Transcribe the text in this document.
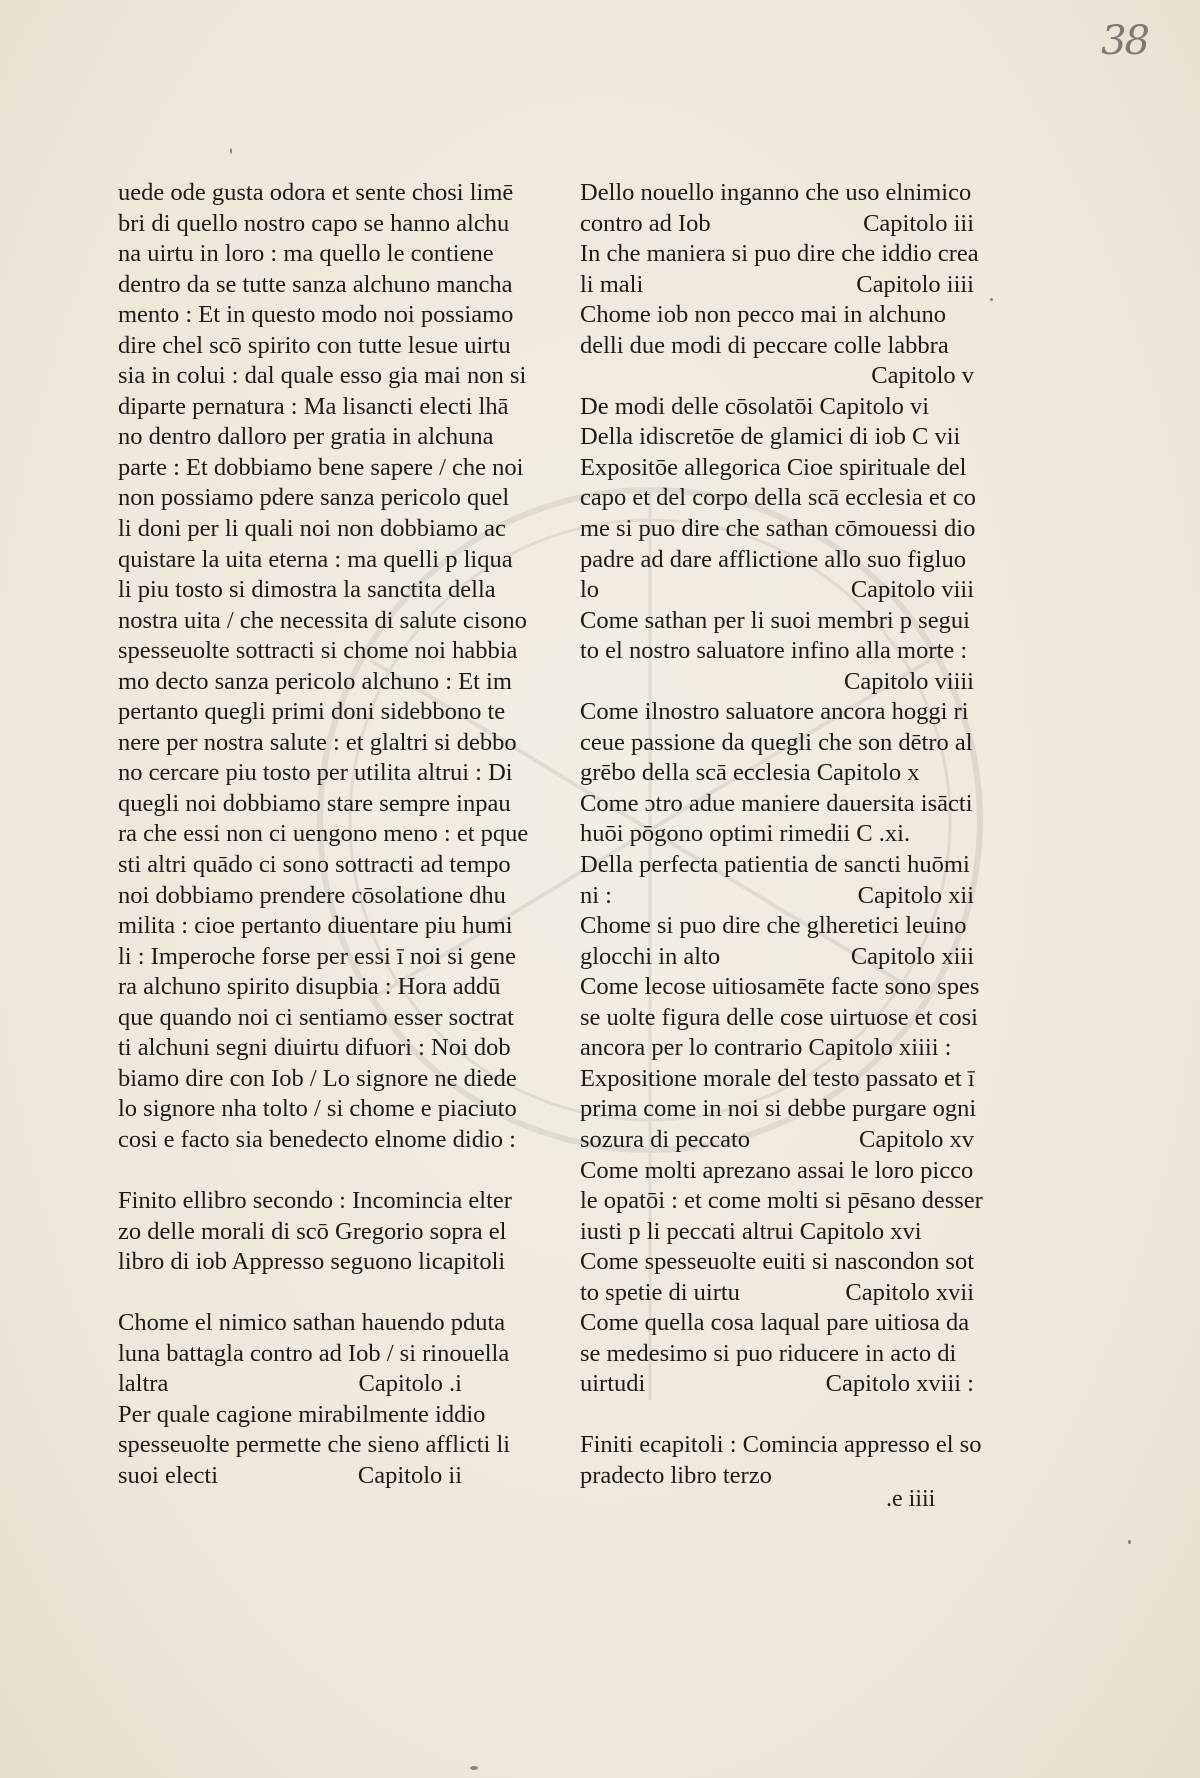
38
uede ode gusta odora et sente chosi limē
bri di quello nostro capo se hanno alchu
na uirtu in loro : ma quello le contiene
dentro da se tutte sanza alchuno mancha
mento : Et in questo modo noi possiamo
dire chel scō spirito con tutte lesue uirtu
sia in colui : dal quale esso gia mai non si
diparte pernatura : Ma lisancti electi lhā
no dentro dalloro per gratia in alchuna
parte : Et dobbiamo bene sapere / che noi
non possiamo pdere sanza pericolo quel
li doni per li quali noi non dobbiamo ac
quistare la uita eterna : ma quelli p liqua
li piu tosto si dimostra la sanctita della
nostra uita / che necessita di salute cisono
spesseuolte sottracti si chome noi habbia
mo decto sanza pericolo alchuno : Et im
pertanto quegli primi doni sidebbono te
nere per nostra salute : et glaltri si debbo
no cercare piu tosto per utilita altrui : Di
quegli noi dobbiamo stare sempre inpau
ra che essi non ci uengono meno : et pque
sti altri quādo ci sono sottracti ad tempo
noi dobbiamo prendere cōsolatione dhu
milita : cioe pertanto diuentare piu humi
li : Imperoche forse per essi ī noi si gene
ra alchuno spirito disupbia : Hora addū
que quando noi ci sentiamo esser soctrat
ti alchuni segni diuirtu difuori : Noi dob
biamo dire con Iob / Lo signore ne diede
lo signore nha tolto / si chome e piaciuto
cosi e facto sia benedecto elnome didio :
Finito ellibro secondo : Incomincia elter
zo delle morali di scō Gregorio sopra el
libro di iob Appresso seguono licapitoli
Chome el nimico sathan hauendo pduta
luna battagla contro ad Iob / si rinouella
Capitolo .i
laltra
Per quale cagione mirabilmente iddio
spesseuolte permette che sieno afflicti li
Capitolo ii
suoi electi
Dello nouello inganno che uso elnimico
Capitolo iii
contro ad Iob
In che maniera si puo dire che iddio crea
Capitolo iiii
li mali
Chome iob non pecco mai in alchuno
delli due modi di peccare colle labbra
Capitolo v
De modi delle cōsolatōi Capitolo vi
Della idiscretōe de glamici di iob C vii
Expositōe allegorica Cioe spirituale del
capo et del corpo della scā ecclesia et co
me si puo dire che sathan cōmouessi dio
padre ad dare afflictione allo suo figluo
Capitolo viii
lo
Come sathan per li suoi membri p segui
to el nostro saluatore infino alla morte :
Capitolo viiii
Come ilnostro saluatore ancora hoggi ri
ceue passione da quegli che son dētro al
grēbo della scā ecclesia Capitolo x
Come ɔtro adue maniere dauersita isācti
huōi pōgono optimi rimedii C .xi.
Della perfecta patientia de sancti huōmi
Capitolo xii
ni :
Chome si puo dire che glheretici leuino
Capitolo xiii
glocchi in alto
Come lecose uitiosamēte facte sono spes
se uolte figura delle cose uirtuose et cosi
ancora per lo contrario Capitolo xiiii :
Expositione morale del testo passato et ī
prima come in noi si debbe purgare ogni
Capitolo xv
sozura di peccato
Come molti aprezano assai le loro picco
le opatōi : et come molti si pēsano desser
iusti p li peccati altrui Capitolo xvi
Come spesseuolte euiti si nascondon sot
Capitolo xvii
to spetie di uirtu
Come quella cosa laqual pare uitiosa da
se medesimo si puo riducere in acto di
Capitolo xviii :
uirtudi
Finiti ecapitoli : Comincia appresso el so
pradecto libro terzo
.e iiii
